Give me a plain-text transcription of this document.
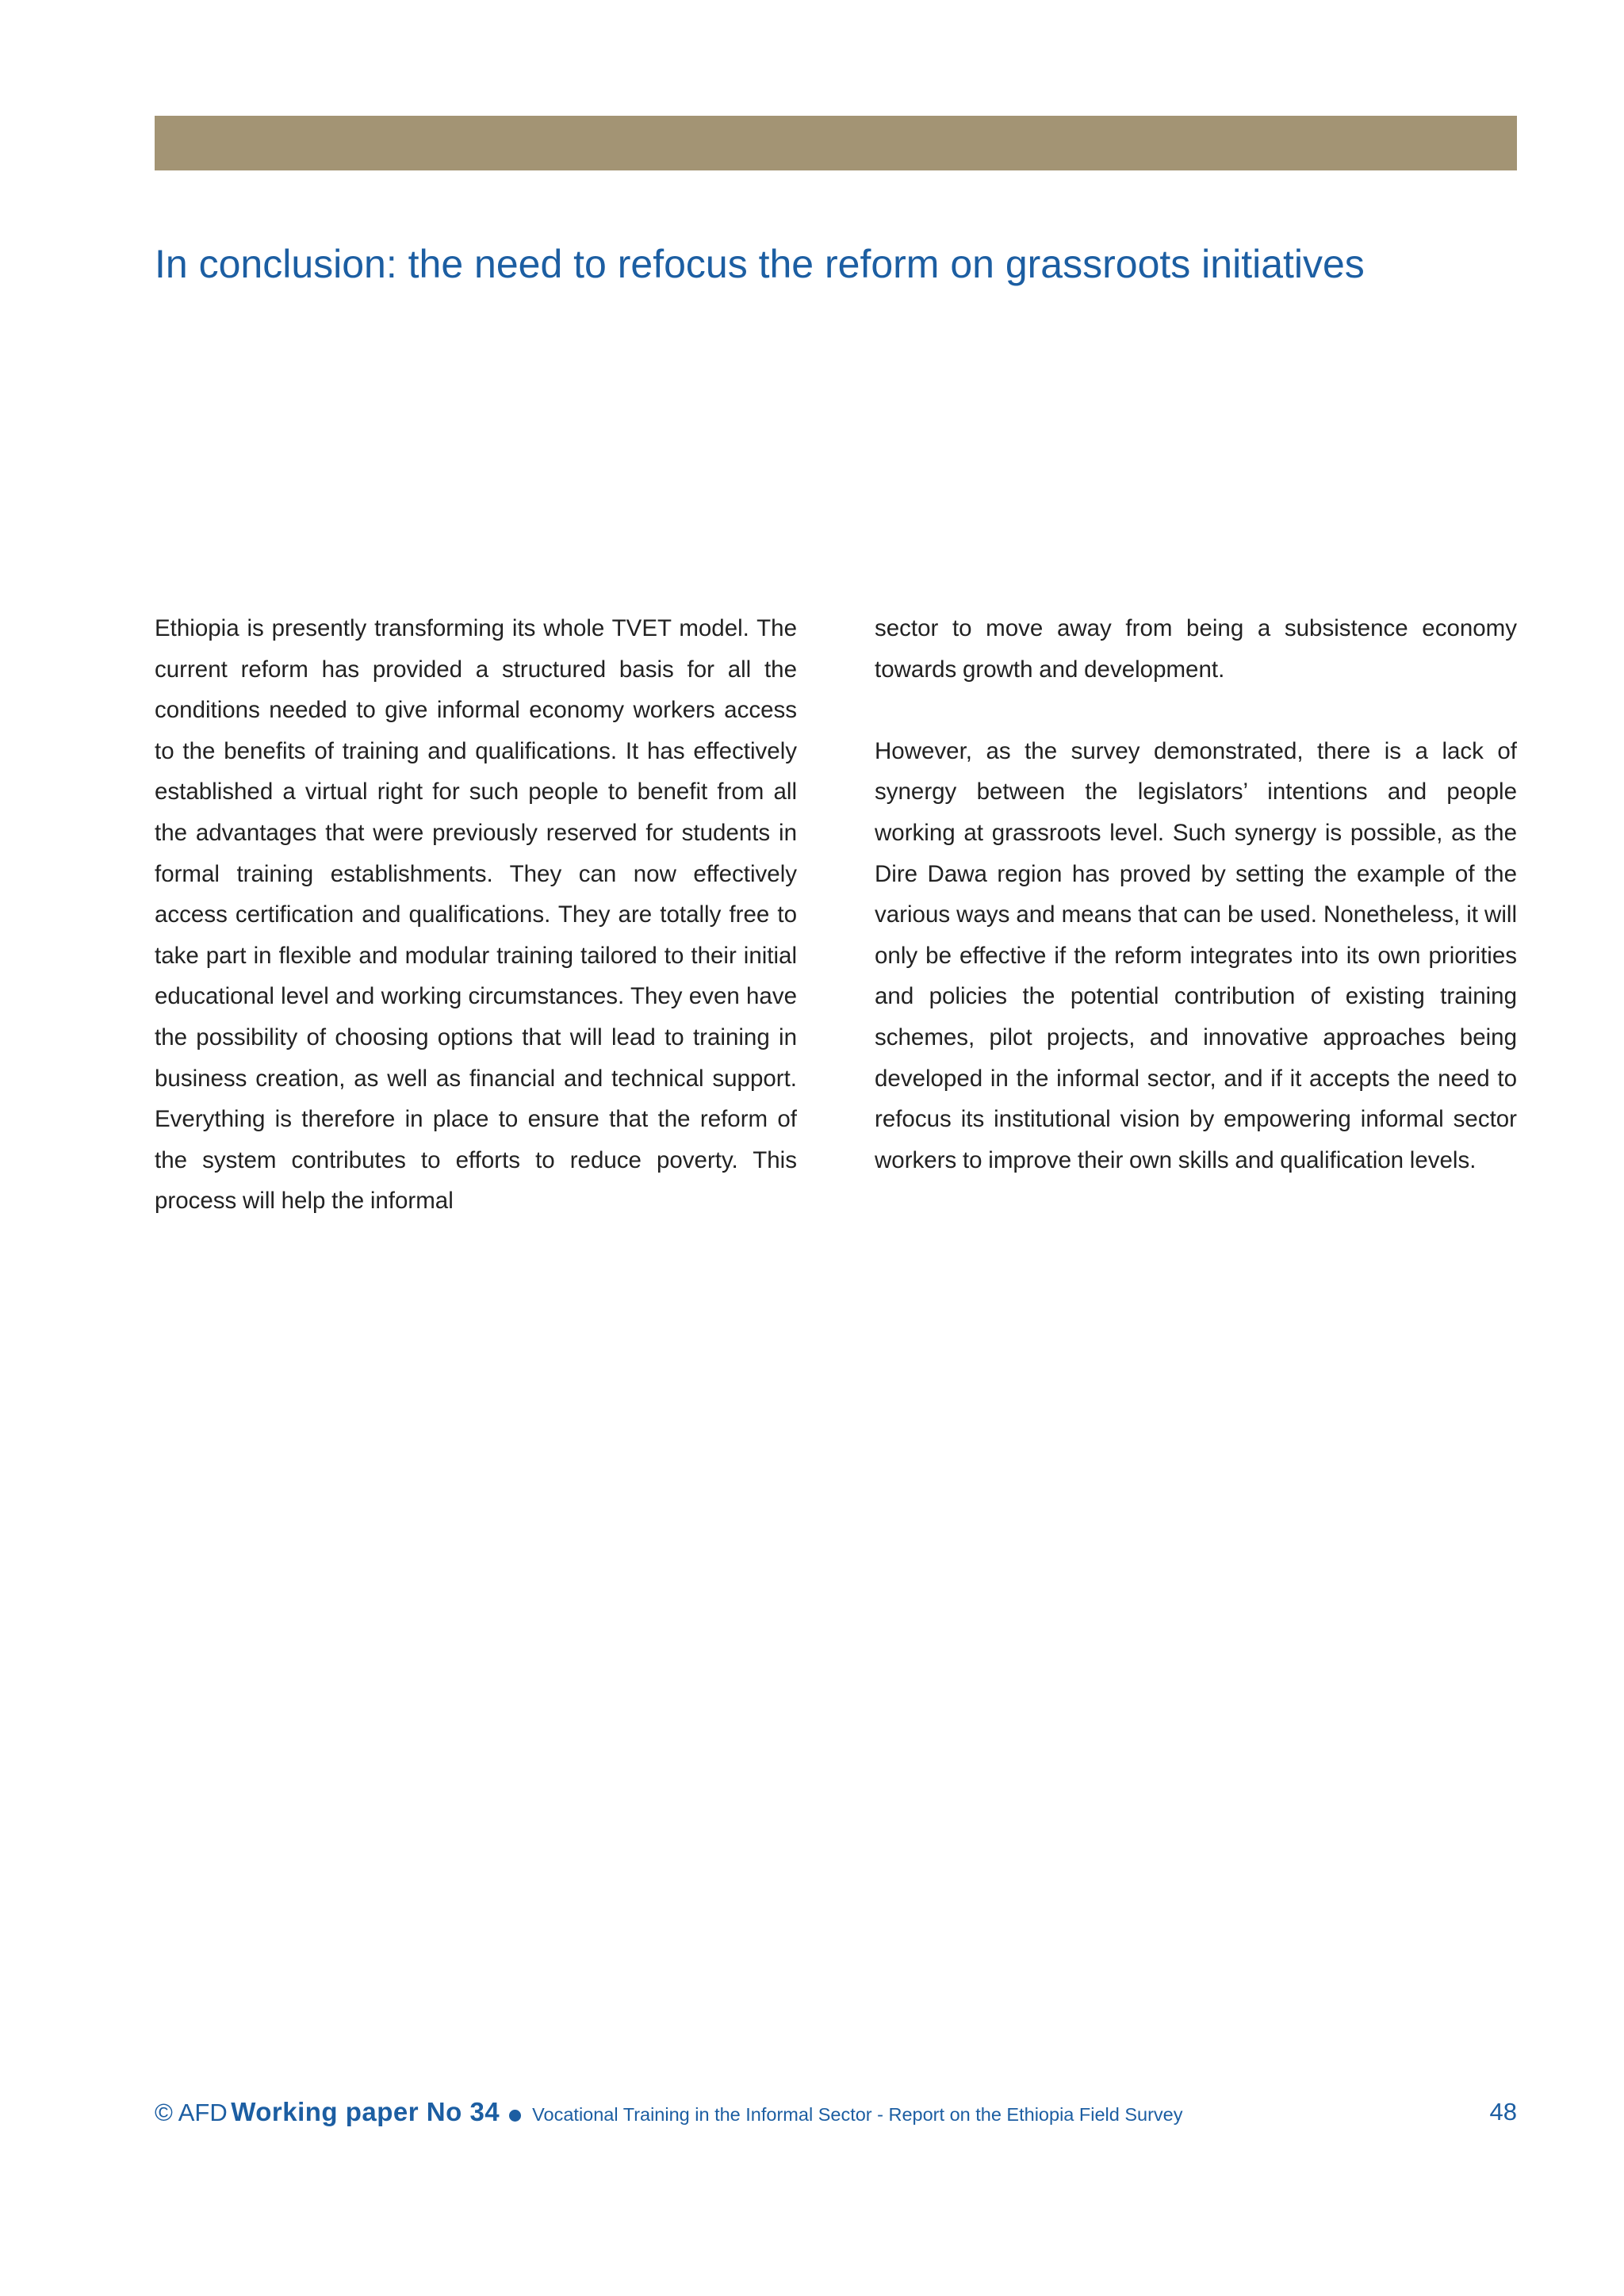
In conclusion: the need to refocus the reform on grassroots initiatives

Ethiopia is presently transforming its whole TVET model. The current reform has provided a structured basis for all the conditions needed to give informal economy workers access to the benefits of training and qualifications. It has effectively established a virtual right for such people to benefit from all the advantages that were previously reserved for students in formal training establishments. They can now effectively access certification and qualifications. They are totally free to take part in flexible and modular training tailored to their initial educational level and working circumstances. They even have the possibility of choosing options that will lead to training in business creation, as well as financial and technical support. Everything is therefore in place to ensure that the reform of the system contributes to efforts to reduce poverty. This process will help the informal

sector to move away from being a subsistence economy towards growth and development.

However, as the survey demonstrated, there is a lack of synergy between the legislators’ intentions and people working at grassroots level. Such synergy is possible, as the Dire Dawa region has proved by setting the example of the various ways and means that can be used. Nonetheless, it will only be effective if the reform integrates into its own priorities and policies the potential contribution of existing training schemes, pilot projects, and innovative approaches being developed in the informal sector, and if it accepts the need to refocus its institutional vision by empowering informal sector workers to improve their own skills and qualification levels.

© AFD Working paper No 34 Vocational Training in the Informal Sector - Report on the Ethiopia Field Survey	48
